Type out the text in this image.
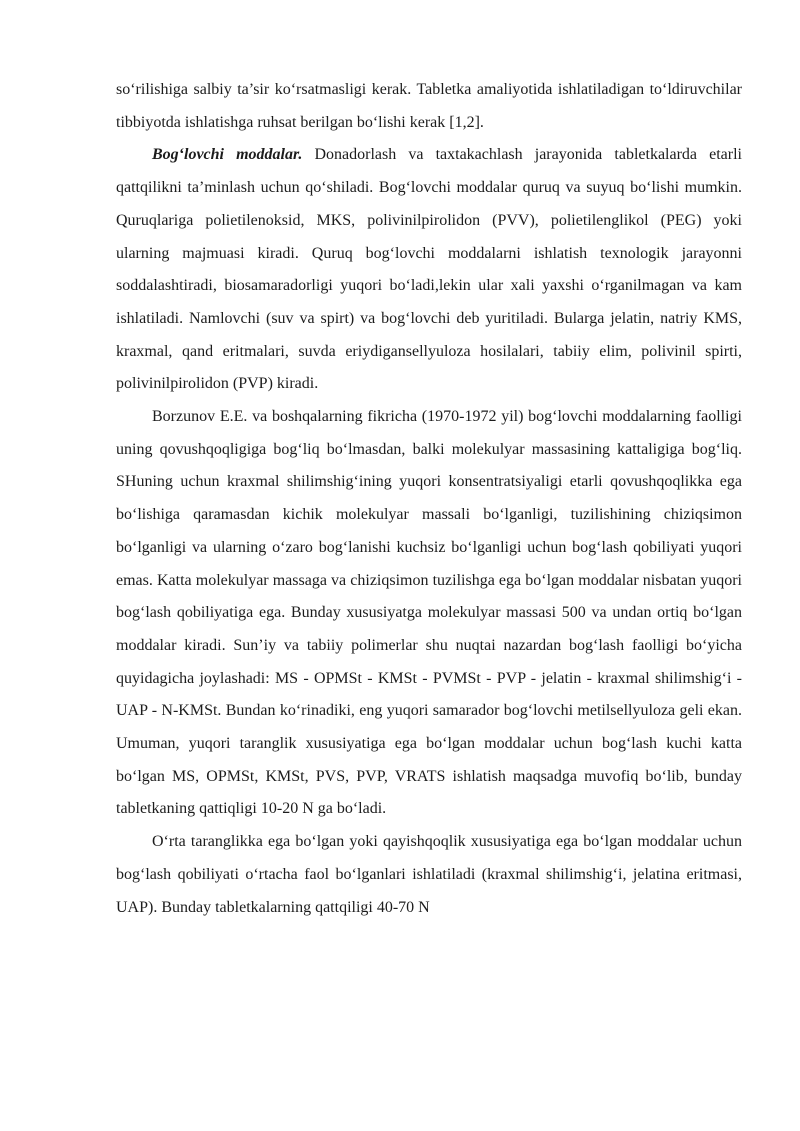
so‘rilishiga salbiy ta’sir ko‘rsatmasligi kerak. Tabletka amaliyotida ishlatiladigan to‘ldiruvchilar tibbiyotda ishlatishga ruhsat berilgan bo‘lishi kerak [1,2].

Bog‘lovchi moddalar. Donadorlash va taxtakachlash jarayonida tabletkalarda etarli qattqilikni ta’minlash uchun qo‘shiladi. Bog‘lovchi moddalar quruq va suyuq bo‘lishi mumkin. Quruqlariga polietilenoksid, MKS, polivinilpirolidon (PVV), polietilenglikol (PEG) yoki ularning majmuasi kiradi. Quruq bog‘lovchi moddalarni ishlatish texnologik jarayonni soddalashtiradi, biosamaradorligi yuqori bo‘ladi,lekin ular xali yaxshi o‘rganilmagan va kam ishlatiladi. Namlovchi (suv va spirt) va bog‘lovchi deb yuritiladi. Bularga jelatin, natriy KMS, kraxmal, qand eritmalari, suvda eriydigansellyuloza hosilalari, tabiiy elim, polivinil spirti, polivinilpirolidon (PVP) kiradi.

Borzunov E.E. va boshqalarning fikricha (1970-1972 yil) bog‘lovchi moddalarning faolligi uning qovushqoqligiga bog‘liq bo‘lmasdan, balki molekulyar massasining kattaligiga bog‘liq. SHuning uchun kraxmal shilimshig‘ining yuqori konsentratsiyaligi etarli qovushqoqlikka ega bo‘lishiga qaramasdan kichik molekulyar massali bo‘lganligi, tuzilishining chiziqsimon bo‘lganligi va ularning o‘zaro bog‘lanishi kuchsiz bo‘lganligi uchun bog‘lash qobiliyati yuqori emas. Katta molekulyar massaga va chiziqsimon tuzilishga ega bo‘lgan moddalar nisbatan yuqori bog‘lash qobiliyatiga ega. Bunday xususiyatga molekulyar massasi 500 va undan ortiq bo‘lgan moddalar kiradi. Sun’iy va tabiiy polimerlar shu nuqtai nazardan bog‘lash faolligi bo‘yicha quyidagicha joylashadi: MS - OPMSt - KMSt - PVMSt - PVP - jelatin - kraxmal shilimshig‘i - UAP - N-KMSt. Bundan ko‘rinadiki, eng yuqori samarador bog‘lovchi metilsellyuloza geli ekan. Umuman, yuqori taranglik xususiyatiga ega bo‘lgan moddalar uchun bog‘lash kuchi katta bo‘lgan MS, OPMSt, KMSt, PVS, PVP, VRATS ishlatish maqsadga muvofiq bo‘lib, bunday tabletkaning qattiqligi 10-20 N ga bo‘ladi.

O‘rta taranglikka ega bo‘lgan yoki qayishqoqlik xususiyatiga ega bo‘lgan moddalar uchun bog‘lash qobiliyati o‘rtacha faol bo‘lganlari ishlatiladi (kraxmal shilimshig‘i, jelatina eritmasi, UAP). Bunday tabletkalarning qattqiligi 40-70 N
